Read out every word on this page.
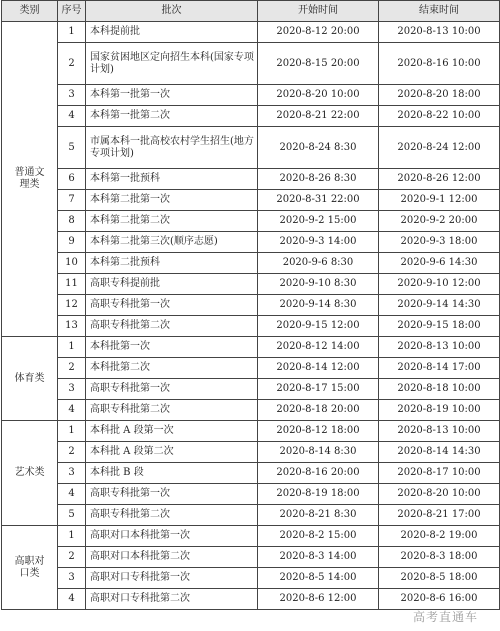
类别	序号	批次	开始时间	结束时间
普通文理类	1	本科提前批	2020-8-12 20:00	2020-8-13 10:00
	2	国家贫困地区定向招生本科(国家专项计划)	2020-8-15 20:00	2020-8-16 10:00
	3	本科第一批第一次	2020-8-20 10:00	2020-8-20 18:00
	4	本科第一批第二次	2020-8-21 22:00	2020-8-22 10:00
	5	市属本科一批高校农村学生招生(地方专项计划)	2020-8-24 8:30	2020-8-24 12:00
	6	本科第一批预科	2020-8-26 8:30	2020-8-26 12:00
	7	本科第二批第一次	2020-8-31 22:00	2020-9-1 12:00
	8	本科第二批第二次	2020-9-2 15:00	2020-9-2 20:00
	9	本科第二批第三次(顺序志愿)	2020-9-3 14:00	2020-9-3 18:00
	10	本科第二批预科	2020-9-6 8:30	2020-9-6 14:30
	11	高职专科提前批	2020-9-10 8:30	2020-9-10 12:00
	12	高职专科批第一次	2020-9-14 8:30	2020-9-14 14:30
	13	高职专科批第二次	2020-9-15 12:00	2020-9-15 18:00
体育类	1	本科批第一次	2020-8-12 14:00	2020-8-13 10:00
	2	本科批第二次	2020-8-14 12:00	2020-8-14 17:00
	3	高职专科批第一次	2020-8-17 15:00	2020-8-18 10:00
	4	高职专科批第二次	2020-8-18 20:00	2020-8-19 10:00
艺术类	1	本科批 A 段第一次	2020-8-12 18:00	2020-8-13 10:00
	2	本科批 A 段第二次	2020-8-14 8:30	2020-8-14 14:30
	3	本科批 B 段	2020-8-16 20:00	2020-8-17 10:00
	4	高职专科批第一次	2020-8-19 18:00	2020-8-20 10:00
	5	高职专科批第二次	2020-8-21 8:30	2020-8-21 17:00
高职对口类	1	高职对口本科批第一次	2020-8-2 15:00	2020-8-2 19:00
	2	高职对口本科批第二次	2020-8-3 14:00	2020-8-3 18:00
	3	高职对口专科批第一次	2020-8-5 14:00	2020-8-5 18:00
	4	高职对口专科批第二次	2020-8-6 12:00	2020-8-6 16:00
高考直通车
